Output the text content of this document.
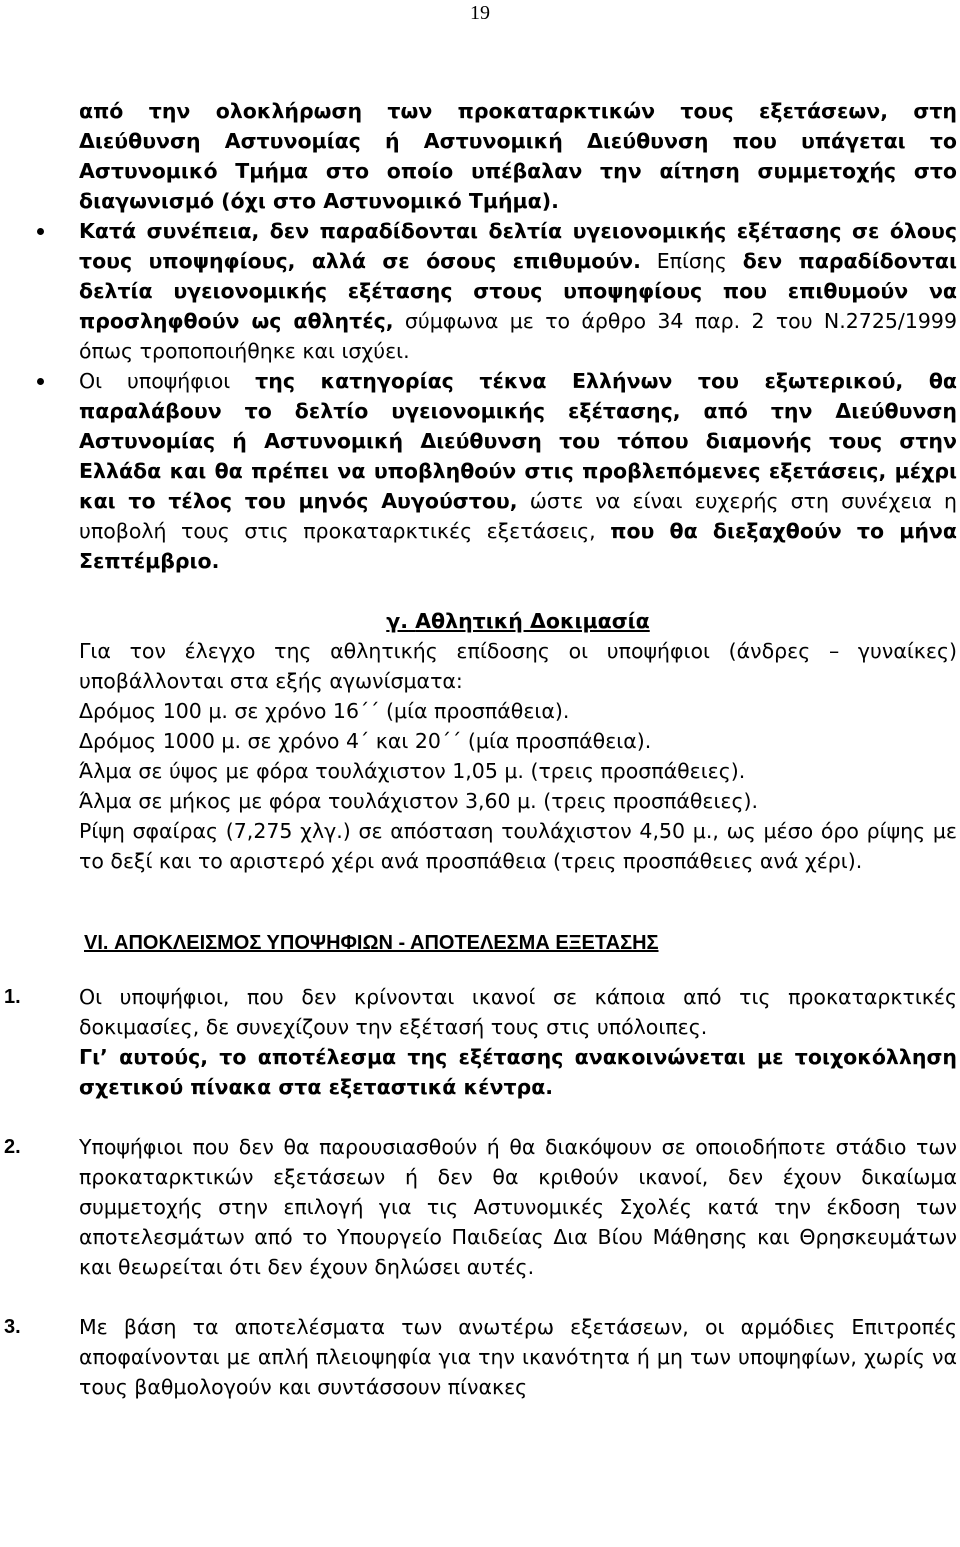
19

από την ολοκλήρωση των προκαταρκτικών τους εξετάσεων, στη Διεύθυνση Αστυνομίας ή Αστυνομική Διεύθυνση που υπάγεται το Αστυνομικό Τμήμα στο οποίο υπέβαλαν την αίτηση συμμετοχής στο διαγωνισμό (όχι στο Αστυνομικό Τμήμα).

Κατά συνέπεια, δεν παραδίδονται δελτία υγειονομικής εξέτασης σε όλους τους υποψηφίους, αλλά σε όσους επιθυμούν. Επίσης δεν παραδίδονται δελτία υγειονομικής εξέτασης στους υποψηφίους που επιθυμούν να προσληφθούν ως αθλητές, σύμφωνα με το άρθρο 34 παρ. 2 του Ν.2725/1999 όπως τροποποιήθηκε και ισχύει.

Οι υποψήφιοι της κατηγορίας τέκνα Ελλήνων του εξωτερικού, θα παραλάβουν το δελτίο υγειονομικής εξέτασης, από την Διεύθυνση Αστυνομίας ή Αστυνομική Διεύθυνση του τόπου διαμονής τους στην Ελλάδα και θα πρέπει να υποβληθούν στις προβλεπόμενες εξετάσεις, μέχρι και το τέλος του μηνός Αυγούστου, ώστε να είναι ευχερής στη συνέχεια η υποβολή τους στις προκαταρκτικές εξετάσεις, που θα διεξαχθούν το μήνα Σεπτέμβριο.

γ. Αθλητική Δοκιμασία

Για τον έλεγχο της αθλητικής επίδοσης οι υποψήφιοι (άνδρες – γυναίκες) υποβάλλονται στα εξής αγωνίσματα:

Δρόμος 100 μ. σε χρόνο 16΄΄ (μία προσπάθεια).
Δρόμος 1000 μ. σε χρόνο 4΄ και 20΄΄ (μία προσπάθεια).
Άλμα σε ύψος με φόρα τουλάχιστον 1,05 μ. (τρεις προσπάθειες).
Άλμα σε μήκος με φόρα τουλάχιστον 3,60 μ. (τρεις προσπάθειες).

Ρίψη σφαίρας (7,275 χλγ.) σε απόσταση τουλάχιστον 4,50 μ., ως μέσο όρο ρίψης με το δεξί και το αριστερό χέρι ανά προσπάθεια (τρεις προσπάθειες ανά χέρι).

VI. ΑΠΟΚΛΕΙΣΜΟΣ ΥΠΟΨΗΦΙΩΝ - ΑΠΟΤΕΛΕΣΜΑ ΕΞΕΤΑΣΗΣ
1.	Οι υποψήφιοι, που δεν κρίνονται ικανοί σε κάποια από τις προκαταρκτικές δοκιμασίες, δε συνεχίζουν την εξέτασή τους στις υπόλοιπες.

Γι’ αυτούς, το αποτέλεσμα της εξέτασης ανακοινώνεται με τοιχοκόλληση σχετικού πίνακα στα εξεταστικά κέντρα.

2.	Υποψήφιοι που δεν θα παρουσιασθούν ή θα διακόψουν σε οποιοδήποτε στάδιο των προκαταρκτικών εξετάσεων ή δεν θα κριθούν ικανοί, δεν έχουν δικαίωμα συμμετοχής στην επιλογή για τις Αστυνομικές Σχολές κατά την έκδοση των αποτελεσμάτων από το Υπουργείο Παιδείας Δια Βίου Μάθησης και Θρησκευμάτων και θεωρείται ότι δεν έχουν δηλώσει αυτές.

3.	Με βάση τα αποτελέσματα των ανωτέρω εξετάσεων, οι αρμόδιες Επιτροπές αποφαίνονται με απλή πλειοψηφία για την ικανότητα ή μη των υποψηφίων, χωρίς να τους βαθμολογούν και συντάσσουν πίνακες
